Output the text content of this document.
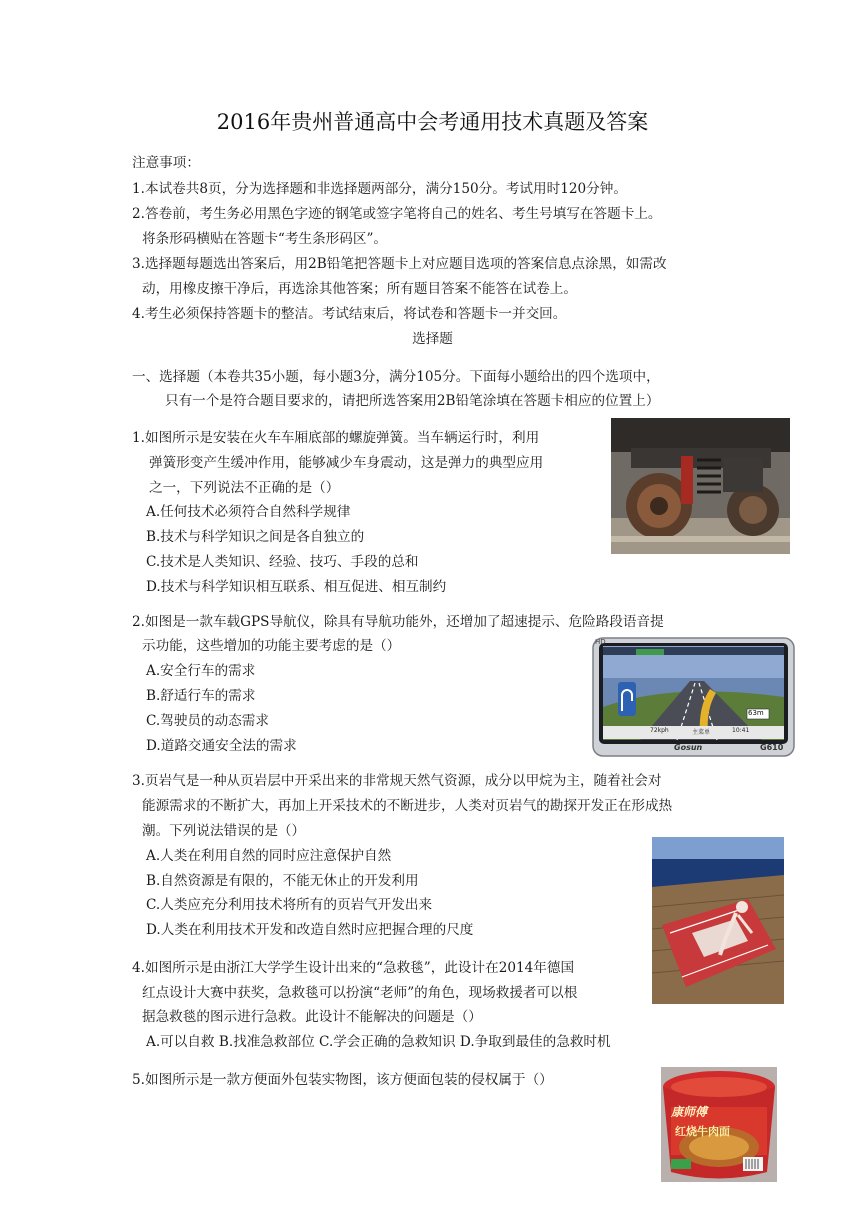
2016年贵州普通高中会考通用技术真题及答案
注意事项：
1.本试卷共8页，分为选择题和非选择题两部分，满分150分。考试用时120分钟。
2.答卷前，考生务必用黑色字迹的钢笔或签字笔将自己的姓名、考生号填写在答题卡上。
将条形码横贴在答题卡“考生条形码区”。
3.选择题每题选出答案后，用2B铅笔把答题卡上对应题目选项的答案信息点涂黑，如需改
动，用橡皮擦干净后，再选涂其他答案；所有题目答案不能答在试卷上。
4.考生必须保持答题卡的整洁。考试结束后，将试卷和答题卡一并交回。
选择题
一、选择题（本卷共35小题，每小题3分，满分105分。下面每小题给出的四个选项中，
只有一个是符合题目要求的，请把所选答案用2B铅笔涂填在答题卡相应的位置上）
1.如图所示是安装在火车车厢底部的螺旋弹簧。当车辆运行时，利用
弹簧形变产生缓冲作用，能够减少车身震动，这是弹力的典型应用
之一，下列说法不正确的是（）
A.任何技术必须符合自然科学规律
B.技术与科学知识之间是各自独立的
C.技术是人类知识、经验、技巧、手段的总和
D.技术与科学知识相互联系、相互促进、相互制约
2.如图是一款车载GPS导航仪，除具有导航功能外，还增加了超速提示、危险路段语音提
示功能，这些增加的功能主要考虑的是（）
A.安全行车的需求
B.舒适行车的需求
C.驾驶员的动态需求
D.道路交通安全法的需求
HD
63m
72kph	主菜单	10:41
Gosun	G610
3.页岩气是一种从页岩层中开采出来的非常规天然气资源，成分以甲烷为主，随着社会对
能源需求的不断扩大，再加上开采技术的不断进步，人类对页岩气的勘探开发正在形成热
潮。下列说法错误的是（）
A.人类在利用自然的同时应注意保护自然
B.自然资源是有限的，不能无休止的开发利用
C.人类应充分利用技术将所有的页岩气开发出来
D.人类在利用技术开发和改造自然时应把握合理的尺度
4.如图所示是由浙江大学学生设计出来的“急救毯”，此设计在2014年德国
红点设计大赛中获奖，急救毯可以扮演“老师”的角色，现场救援者可以根
据急救毯的图示进行急救。此设计不能解决的问题是（）
A.可以自救 B.找准急救部位 C.学会正确的急救知识 D.争取到最佳的急救时机
5.如图所示是一款方便面外包装实物图，该方便面包装的侵权属于（）
康师傅
红烧牛肉面
